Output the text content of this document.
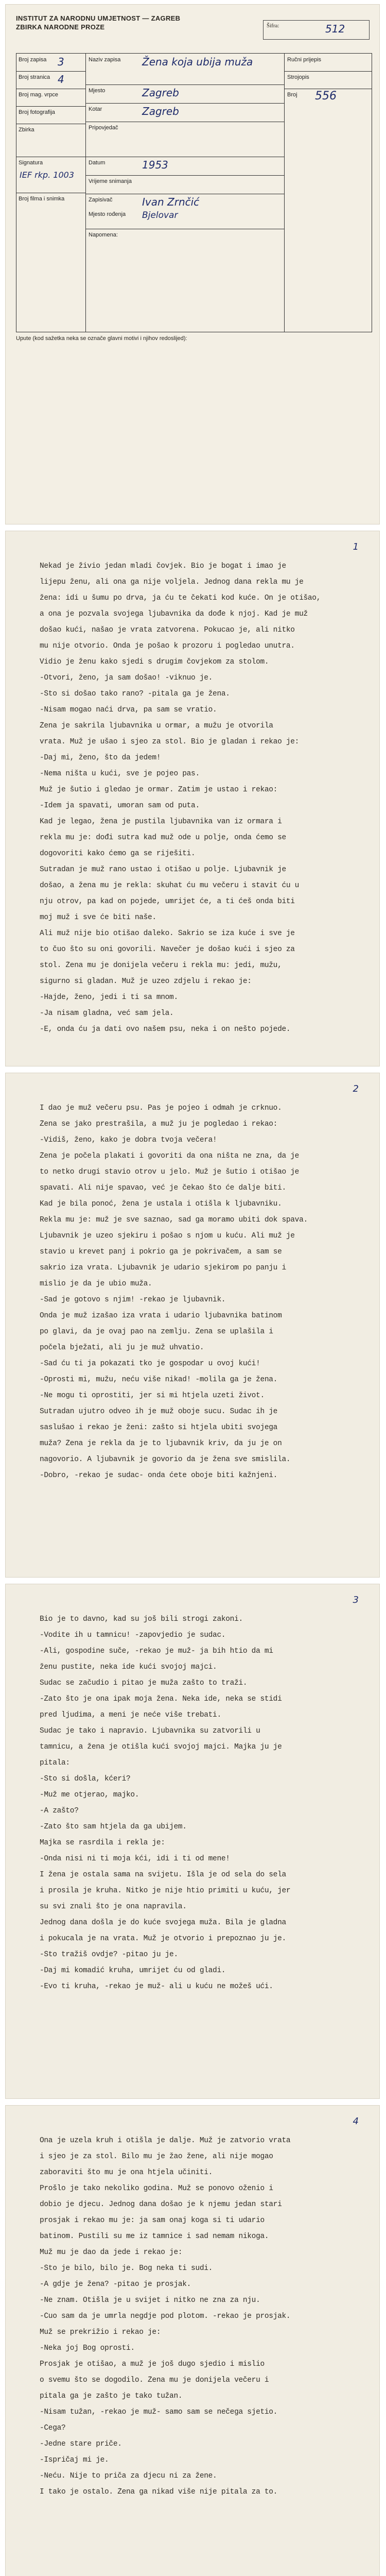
INSTITUT ZA NARODNU UMJETNOST — ZAGREB
ZBIRKA NARODNE PROZE	Šifra:	512
Broj zapisa 3
Broj stranica 4
Broj mag. vrpce
Broj fotografija
Zbirka
Signatura
IEF rkp. 1003
Broj filma i snimka
Naziv zapisa Žena koja ubija muža
Mjesto	Zagreb
Kotar	Zagreb
Pripovjedač
Datum	1953
Vrijeme snimanja
Zapisivač	Ivan Zrnčić
Mjesto rođenja Bjelovar
Napomena:
Ručni prijepis
Strojopis
Broj 556
Upute (kod sažetka neka se označe glavni motivi i njihov redoslijed):
1
Nekad je živio jedan mladi čovjek. Bio je bogat i imao je
lijepu ženu, ali ona ga nije voljela. Jednog dana rekla mu je
žena: idi u šumu po drva, ja ću te čekati kod kuće. On je otišao,
a ona je pozvala svojega ljubavnika da dođe k njoj. Kad je muž
došao kući, našao je vrata zatvorena. Pokucao je, ali nitko
mu nije otvorio. Onda je pošao k prozoru i pogledao unutra.
Vidio je ženu kako sjedi s drugim čovjekom za stolom.
-Otvori, ženo, ja sam došao! -viknuo je.
-Što si došao tako rano? -pitala ga je žena.
-Nisam mogao naći drva, pa sam se vratio.
Žena je sakrila ljubavnika u ormar, a mužu je otvorila
vrata. Muž je ušao i sjeo za stol. Bio je gladan i rekao je:
-Daj mi, ženo, što da jedem!
-Nema ništa u kući, sve je pojeo pas.
Muž je šutio i gledao je ormar. Zatim je ustao i rekao:
-Idem ja spavati, umoran sam od puta.
Kad je legao, žena je pustila ljubavnika van iz ormara i
rekla mu je: dođi sutra kad muž ode u polje, onda ćemo se
dogovoriti kako ćemo ga se riješiti.
Sutradan je muž rano ustao i otišao u polje. Ljubavnik je
došao, a žena mu je rekla: skuhat ću mu večeru i stavit ću u
nju otrov, pa kad on pojede, umrijet će, a ti ćeš onda biti
moj muž i sve će biti naše.
Ali muž nije bio otišao daleko. Sakrio se iza kuće i sve je
to čuo što su oni govorili. Navečer je došao kući i sjeo za
stol. Žena mu je donijela večeru i rekla mu: jedi, mužu,
sigurno si gladan. Muž je uzeo zdjelu i rekao je:
-Hajde, ženo, jedi i ti sa mnom.
-Ja nisam gladna, već sam jela.
-E, onda ću ja dati ovo našem psu, neka i on nešto pojede.
2
I dao je muž večeru psu. Pas je pojeo i odmah je crknuo.
Žena se jako prestrašila, a muž ju je pogledao i rekao:
-Vidiš, ženo, kako je dobra tvoja večera!
Žena je počela plakati i govoriti da ona ništa ne zna, da je
to netko drugi stavio otrov u jelo. Muž je šutio i otišao je
spavati. Ali nije spavao, već je čekao što će dalje biti.
Kad je bila ponoć, žena je ustala i otišla k ljubavniku.
Rekla mu je: muž je sve saznao, sad ga moramo ubiti dok spava.
Ljubavnik je uzeo sjekiru i pošao s njom u kuću. Ali muž je
stavio u krevet panj i pokrio ga je pokrivačem, a sam se
sakrio iza vrata. Ljubavnik je udario sjekirom po panju i
mislio je da je ubio muža.
-Sad je gotovo s njim! -rekao je ljubavnik.
Onda je muž izašao iza vrata i udario ljubavnika batinom
po glavi, da je ovaj pao na zemlju. Žena se uplašila i
počela bježati, ali ju je muž uhvatio.
-Sad ću ti ja pokazati tko je gospodar u ovoj kući!
-Oprosti mi, mužu, neću više nikad! -molila ga je žena.
-Ne mogu ti oprostiti, jer si mi htjela uzeti život.
Sutradan ujutro odveo ih je muž oboje sucu. Sudac ih je
saslušao i rekao je ženi: zašto si htjela ubiti svojega
muža? Žena je rekla da je to ljubavnik kriv, da ju je on
nagovorio. A ljubavnik je govorio da je žena sve smislila.
-Dobro, -rekao je sudac- onda ćete oboje biti kažnjeni.
3
Bio je to davno, kad su još bili strogi zakoni.
-Vodite ih u tamnicu! -zapovjedio je sudac.
-Ali, gospodine suče, -rekao je muž- ja bih htio da mi
ženu pustite, neka ide kući svojoj majci.
Sudac se začudio i pitao je muža zašto to traži.
-Zato što je ona ipak moja žena. Neka ide, neka se stidi
pred ljudima, a meni je neće više trebati.
Sudac je tako i napravio. Ljubavnika su zatvorili u
tamnicu, a žena je otišla kući svojoj majci. Majka ju je
pitala:
-Što si došla, kćeri?
-Muž me otjerao, majko.
-A zašto?
-Zato što sam htjela da ga ubijem.
Majka se rasrdila i rekla je:
-Onda nisi ni ti moja kći, idi i ti od mene!
I žena je ostala sama na svijetu. Išla je od sela do sela
i prosila je kruha. Nitko je nije htio primiti u kuću, jer
su svi znali što je ona napravila.
Jednog dana došla je do kuće svojega muža. Bila je gladna
i pokucala je na vrata. Muž je otvorio i prepoznao ju je.
-Što tražiš ovdje? -pitao ju je.
-Daj mi komadić kruha, umrijet ću od gladi.
-Evo ti kruha, -rekao je muž- ali u kuću ne možeš ući.
4
Ona je uzela kruh i otišla je dalje. Muž je zatvorio vrata
i sjeo je za stol. Bilo mu je žao žene, ali nije mogao
zaboraviti što mu je ona htjela učiniti.
Prošlo je tako nekoliko godina. Muž se ponovo oženio i
dobio je djecu. Jednog dana došao je k njemu jedan stari
prosjak i rekao mu je: ja sam onaj koga si ti udario
batinom. Pustili su me iz tamnice i sad nemam nikoga.
Muž mu je dao da jede i rekao je:
-Što je bilo, bilo je. Bog neka ti sudi.
-A gdje je žena? -pitao je prosjak.
-Ne znam. Otišla je u svijet i nitko ne zna za nju.
-Čuo sam da je umrla negdje pod plotom. -rekao je prosjak.
Muž se prekrižio i rekao je:
-Neka joj Bog oprosti.
Prosjak je otišao, a muž je još dugo sjedio i mislio
o svemu što se dogodilo. Žena mu je donijela večeru i
pitala ga je zašto je tako tužan.
-Nisam tužan, -rekao je muž- samo sam se nečega sjetio.
-Čega?
-Jedne stare priče.
-Ispričaj mi je.
-Neću. Nije to priča za djecu ni za žene.
I tako je ostalo. Žena ga nikad više nije pitala za to.
